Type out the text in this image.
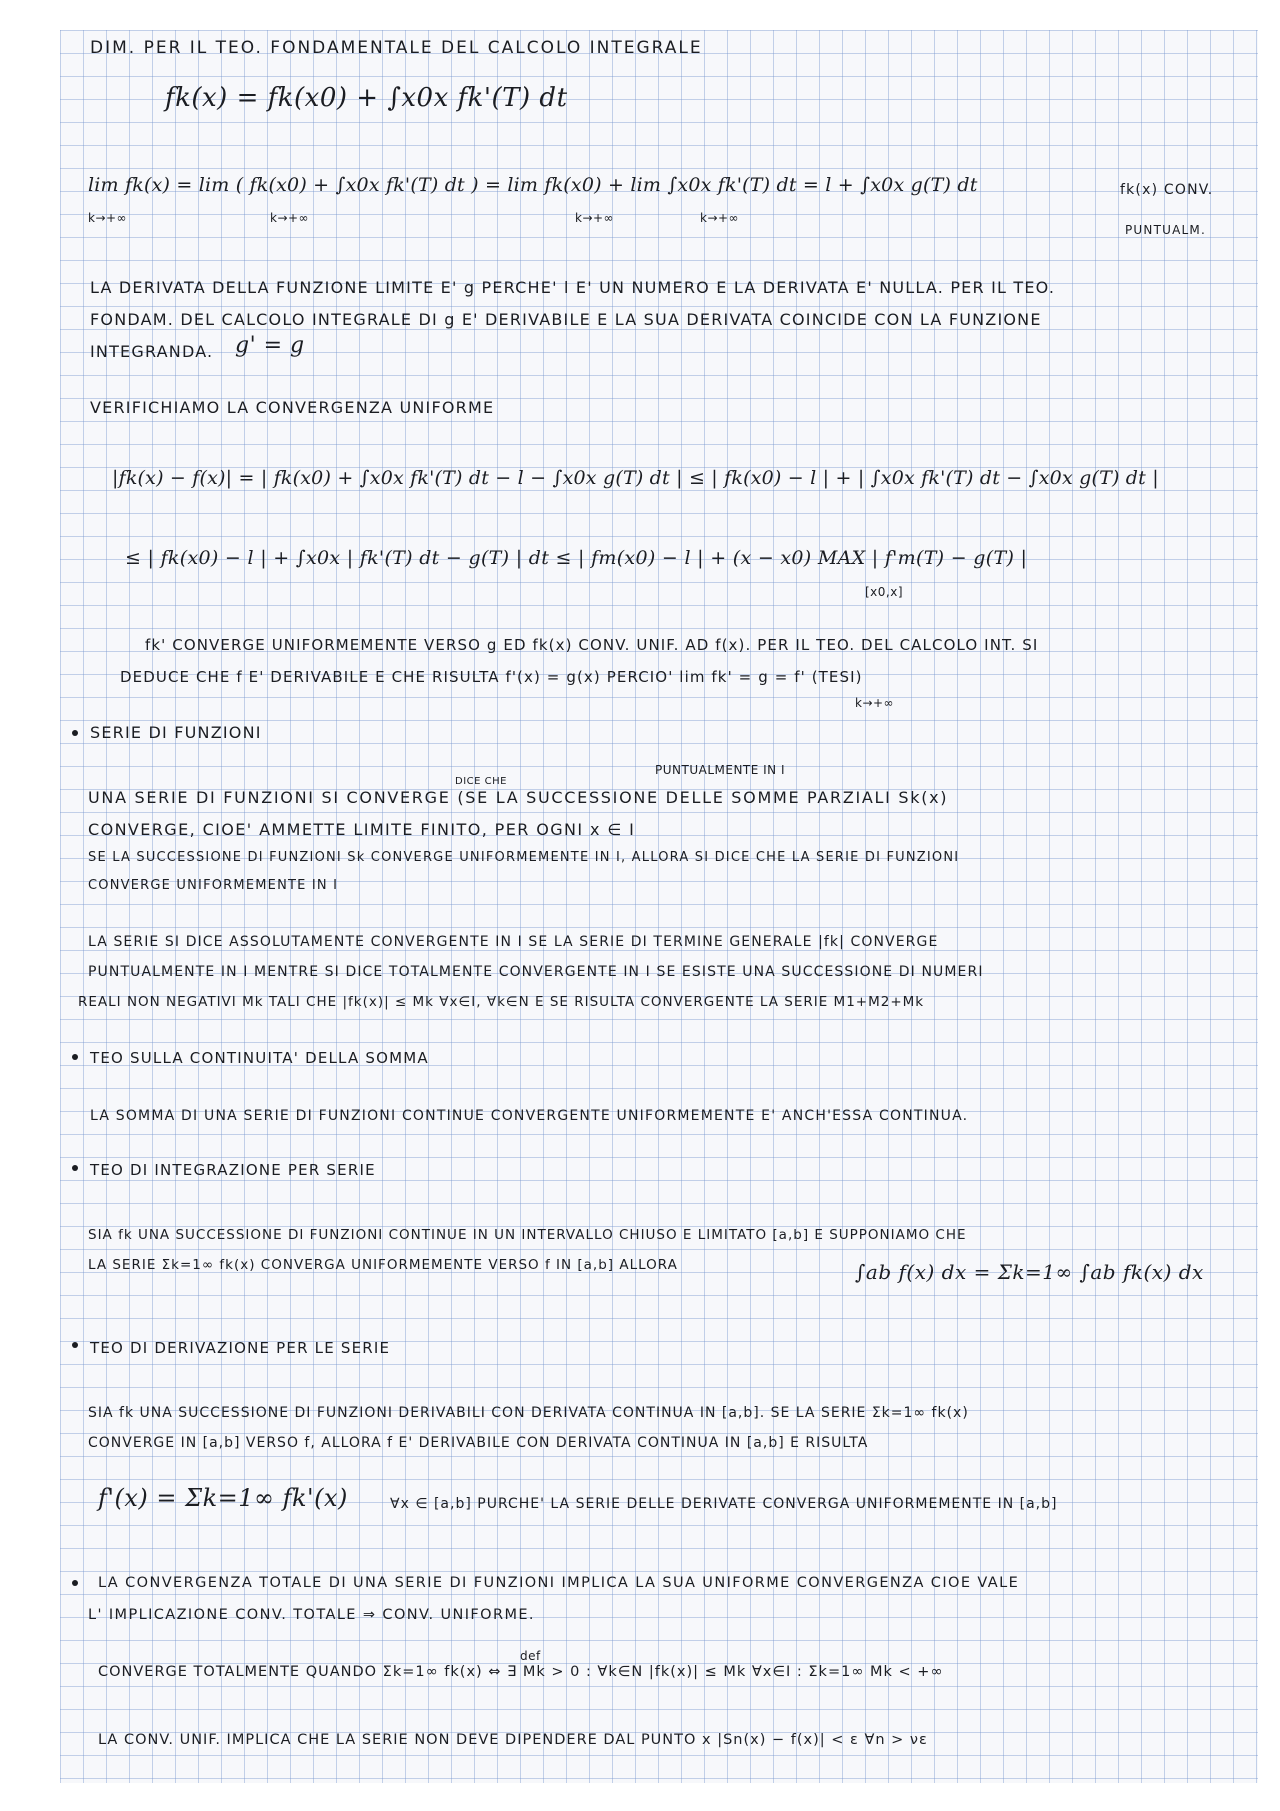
DIM. PER IL TEO. FONDAMENTALE DEL CALCOLO INTEGRALE
fk(x) = fk(x0) + ∫x0x fk'(T) dt
lim fk(x) = lim ( fk(x0) + ∫x0x fk'(T) dt ) = lim fk(x0) + lim ∫x0x fk'(T) dt = l + ∫x0x g(T) dt
k→+∞	k→+∞	k→+∞	k→+∞
fk(x) CONV.
PUNTUALM.
LA DERIVATA DELLA FUNZIONE LIMITE E' g PERCHE' l E' UN NUMERO E LA DERIVATA E' NULLA. PER IL TEO.
FONDAM. DEL CALCOLO INTEGRALE DI g E' DERIVABILE E LA SUA DERIVATA COINCIDE CON LA FUNZIONE
INTEGRANDA. g' = g
VERIFICHIAMO LA CONVERGENZA UNIFORME
|fk(x) − f(x)| = | fk(x0) + ∫x0x fk'(T) dt − l − ∫x0x g(T) dt | ≤ | fk(x0) − l | + | ∫x0x fk'(T) dt − ∫x0x g(T) dt |
≤ | fk(x0) − l | + ∫x0x | fk'(T) dt − g(T) | dt ≤ | fm(x0) − l | + (x − x0) MAX | f'm(T) − g(T) |
[x0,x]
fk' CONVERGE UNIFORMEMENTE VERSO g ED fk(x) CONV. UNIF. AD f(x). PER IL TEO. DEL CALCOLO INT. SI
DEDUCE CHE f E' DERIVABILE E CHE RISULTA f'(x) = g(x) PERCIO' lim fk' = g = f' (TESI)
k→+∞
SERIE DI FUNZIONI
DICE CHE
PUNTUALMENTE IN I
UNA SERIE DI FUNZIONI SI CONVERGE (SE LA SUCCESSIONE DELLE SOMME PARZIALI Sk(x)
CONVERGE, CIOE' AMMETTE LIMITE FINITO, PER OGNI x ∈ I
SE LA SUCCESSIONE DI FUNZIONI Sk CONVERGE UNIFORMEMENTE IN I, ALLORA SI DICE CHE LA SERIE DI FUNZIONI
CONVERGE UNIFORMEMENTE IN I
LA SERIE SI DICE ASSOLUTAMENTE CONVERGENTE IN I SE LA SERIE DI TERMINE GENERALE |fk| CONVERGE
PUNTUALMENTE IN I MENTRE SI DICE TOTALMENTE CONVERGENTE IN I SE ESISTE UNA SUCCESSIONE DI NUMERI
REALI NON NEGATIVI Mk TALI CHE |fk(x)| ≤ Mk ∀x∈I, ∀k∈N E SE RISULTA CONVERGENTE LA SERIE M1+M2+Mk
TEO SULLA CONTINUITA' DELLA SOMMA
LA SOMMA DI UNA SERIE DI FUNZIONI CONTINUE CONVERGENTE UNIFORMEMENTE E' ANCH'ESSA CONTINUA.
TEO DI INTEGRAZIONE PER SERIE
SIA fk UNA SUCCESSIONE DI FUNZIONI CONTINUE IN UN INTERVALLO CHIUSO E LIMITATO [a,b] E SUPPONIAMO CHE
LA SERIE Σk=1∞ fk(x) CONVERGA UNIFORMEMENTE VERSO f IN [a,b] ALLORA	∫ab f(x) dx = Σk=1∞ ∫ab fk(x) dx
TEO DI DERIVAZIONE PER LE SERIE
SIA fk UNA SUCCESSIONE DI FUNZIONI DERIVABILI CON DERIVATA CONTINUA IN [a,b]. SE LA SERIE Σk=1∞ fk(x)
CONVERGE IN [a,b] VERSO f, ALLORA f E' DERIVABILE CON DERIVATA CONTINUA IN [a,b] E RISULTA
f'(x) = Σk=1∞ fk'(x)	∀x ∈ [a,b] PURCHE' LA SERIE DELLE DERIVATE CONVERGA UNIFORMEMENTE IN [a,b]
LA CONVERGENZA TOTALE DI UNA SERIE DI FUNZIONI IMPLICA LA SUA UNIFORME CONVERGENZA CIOE VALE
L' IMPLICAZIONE CONV. TOTALE ⇒ CONV. UNIFORME.
def
CONVERGE TOTALMENTE QUANDO Σk=1∞ fk(x) ⇔ ∃ Mk > 0 : ∀k∈N |fk(x)| ≤ Mk ∀x∈I : Σk=1∞ Mk < +∞
LA CONV. UNIF. IMPLICA CHE LA SERIE NON DEVE DIPENDERE DAL PUNTO x |Sn(x) − f(x)| < ε ∀n > νε
